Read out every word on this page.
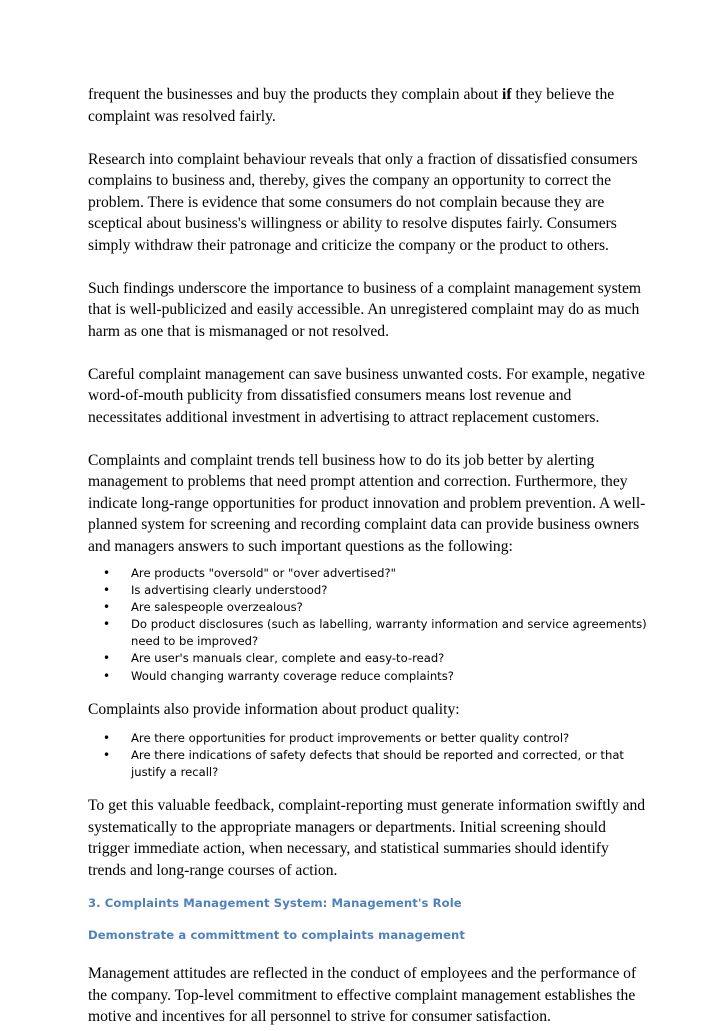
frequent the businesses and buy the products they complain about if they believe the complaint was resolved fairly.

Research into complaint behaviour reveals that only a fraction of dissatisfied consumers complains to business and, thereby, gives the company an opportunity to correct the problem. There is evidence that some consumers do not complain because they are sceptical about business's willingness or ability to resolve disputes fairly. Consumers simply withdraw their patronage and criticize the company or the product to others.

Such findings underscore the importance to business of a complaint management system that is well-publicized and easily accessible. An unregistered complaint may do as much harm as one that is mismanaged or not resolved.

Careful complaint management can save business unwanted costs. For example, negative word-of-mouth publicity from dissatisfied consumers means lost revenue and necessitates additional investment in advertising to attract replacement customers.

Complaints and complaint trends tell business how to do its job better by alerting management to problems that need prompt attention and correction. Furthermore, they indicate long-range opportunities for product innovation and problem prevention. A well-planned system for screening and recording complaint data can provide business owners and managers answers to such important questions as the following:

• Are products "oversold" or "over advertised?"
• Is advertising clearly understood?
• Are salespeople overzealous?
• Do product disclosures (such as labelling, warranty information and service agreements) need to be improved?
• Are user's manuals clear, complete and easy-to-read?
• Would changing warranty coverage reduce complaints?

Complaints also provide information about product quality:

• Are there opportunities for product improvements or better quality control?
• Are there indications of safety defects that should be reported and corrected, or that justify a recall?

To get this valuable feedback, complaint-reporting must generate information swiftly and systematically to the appropriate managers or departments. Initial screening should trigger immediate action, when necessary, and statistical summaries should identify trends and long-range courses of action.

3. Complaints Management System: Management's Role

Demonstrate a committment to complaints management

Management attitudes are reflected in the conduct of employees and the performance of the company. Top-level commitment to effective complaint management establishes the motive and incentives for all personnel to strive for consumer satisfaction.
